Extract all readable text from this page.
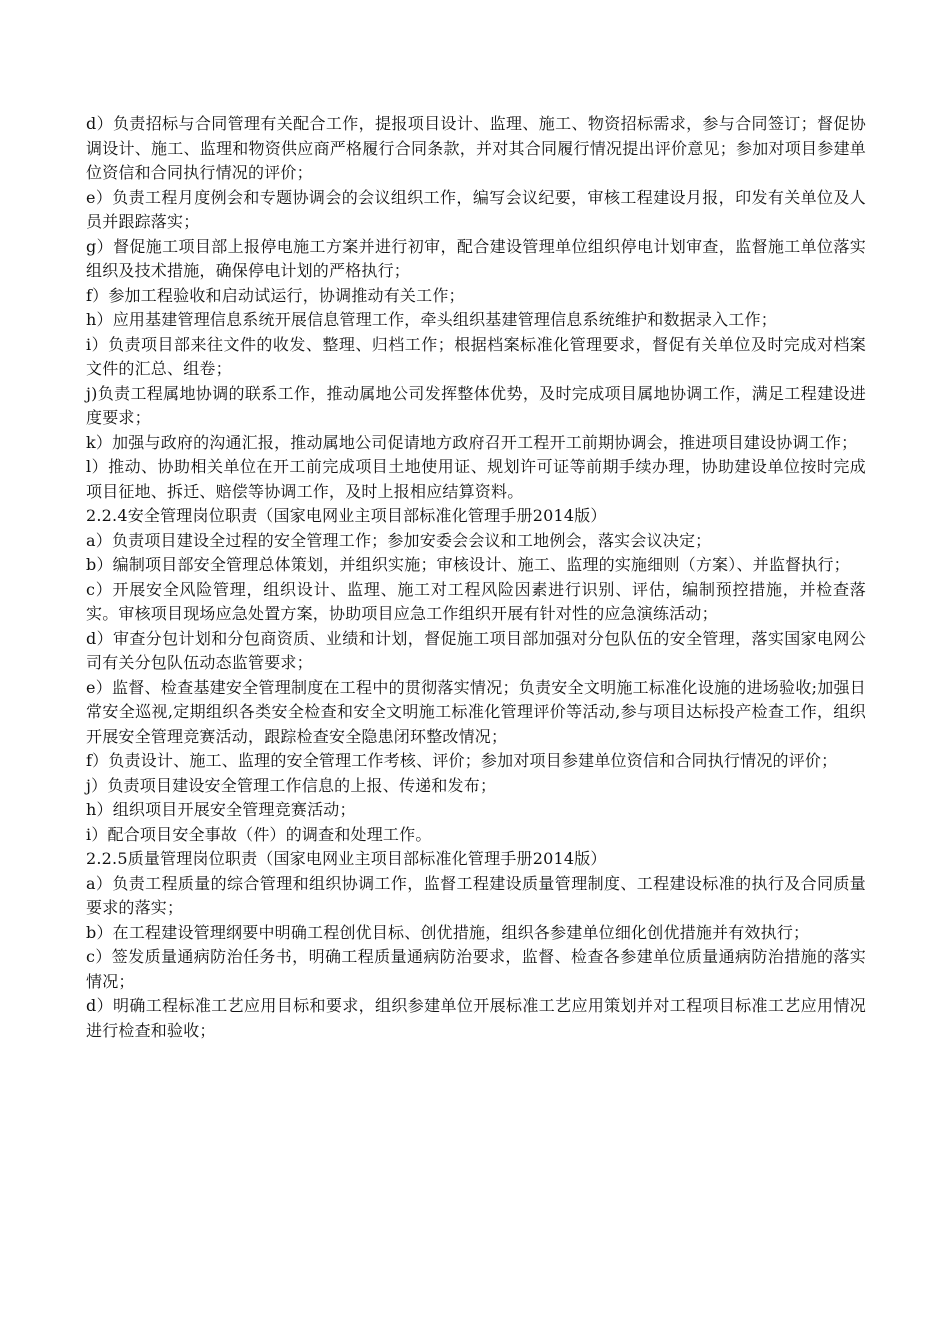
d）负责招标与合同管理有关配合工作，提报项目设计、监理、施工、物资招标需求，参与合同签订；督促协调设计、施工、监理和物资供应商严格履行合同条款，并对其合同履行情况提出评价意见；参加对项目参建单位资信和合同执行情况的评价；

e）负责工程月度例会和专题协调会的会议组织工作，编写会议纪要，审核工程建设月报，印发有关单位及人员并跟踪落实；

g）督促施工项目部上报停电施工方案并进行初审，配合建设管理单位组织停电计划审查，监督施工单位落实组织及技术措施，确保停电计划的严格执行；

f）参加工程验收和启动试运行，协调推动有关工作；

h）应用基建管理信息系统开展信息管理工作，牵头组织基建管理信息系统维护和数据录入工作；

i）负责项目部来往文件的收发、整理、归档工作；根据档案标准化管理要求，督促有关单位及时完成对档案文件的汇总、组卷；

j)负责工程属地协调的联系工作，推动属地公司发挥整体优势，及时完成项目属地协调工作，满足工程建设进度要求；

k）加强与政府的沟通汇报，推动属地公司促请地方政府召开工程开工前期协调会，推进项目建设协调工作；

l）推动、协助相关单位在开工前完成项目土地使用证、规划许可证等前期手续办理，协助建设单位按时完成项目征地、拆迁、赔偿等协调工作，及时上报相应结算资料。

2.2.4安全管理岗位职责（国家电网业主项目部标准化管理手册2014版）

a）负责项目建设全过程的安全管理工作；参加安委会会议和工地例会，落实会议决定；

b）编制项目部安全管理总体策划，并组织实施；审核设计、施工、监理的实施细则（方案）、并监督执行；

c）开展安全风险管理，组织设计、监理、施工对工程风险因素进行识别、评估，编制预控措施，并检查落实。审核项目现场应急处置方案，协助项目应急工作组织开展有针对性的应急演练活动；

d）审查分包计划和分包商资质、业绩和计划，督促施工项目部加强对分包队伍的安全管理，落实国家电网公司有关分包队伍动态监管要求；

e）监督、检查基建安全管理制度在工程中的贯彻落实情况；负责安全文明施工标准化设施的进场验收;加强日常安全巡视,定期组织各类安全检查和安全文明施工标准化管理评价等活动,参与项目达标投产检查工作，组织开展安全管理竞赛活动，跟踪检查安全隐患闭环整改情况；

f）负责设计、施工、监理的安全管理工作考核、评价；参加对项目参建单位资信和合同执行情况的评价；

j）负责项目建设安全管理工作信息的上报、传递和发布；

h）组织项目开展安全管理竞赛活动；

i）配合项目安全事故（件）的调查和处理工作。

2.2.5质量管理岗位职责（国家电网业主项目部标准化管理手册2014版）

a）负责工程质量的综合管理和组织协调工作，监督工程建设质量管理制度、工程建设标准的执行及合同质量要求的落实；

b）在工程建设管理纲要中明确工程创优目标、创优措施，组织各参建单位细化创优措施并有效执行；

c）签发质量通病防治任务书，明确工程质量通病防治要求，监督、检查各参建单位质量通病防治措施的落实情况；

d）明确工程标准工艺应用目标和要求，组织参建单位开展标准工艺应用策划并对工程项目标准工艺应用情况进行检查和验收；
